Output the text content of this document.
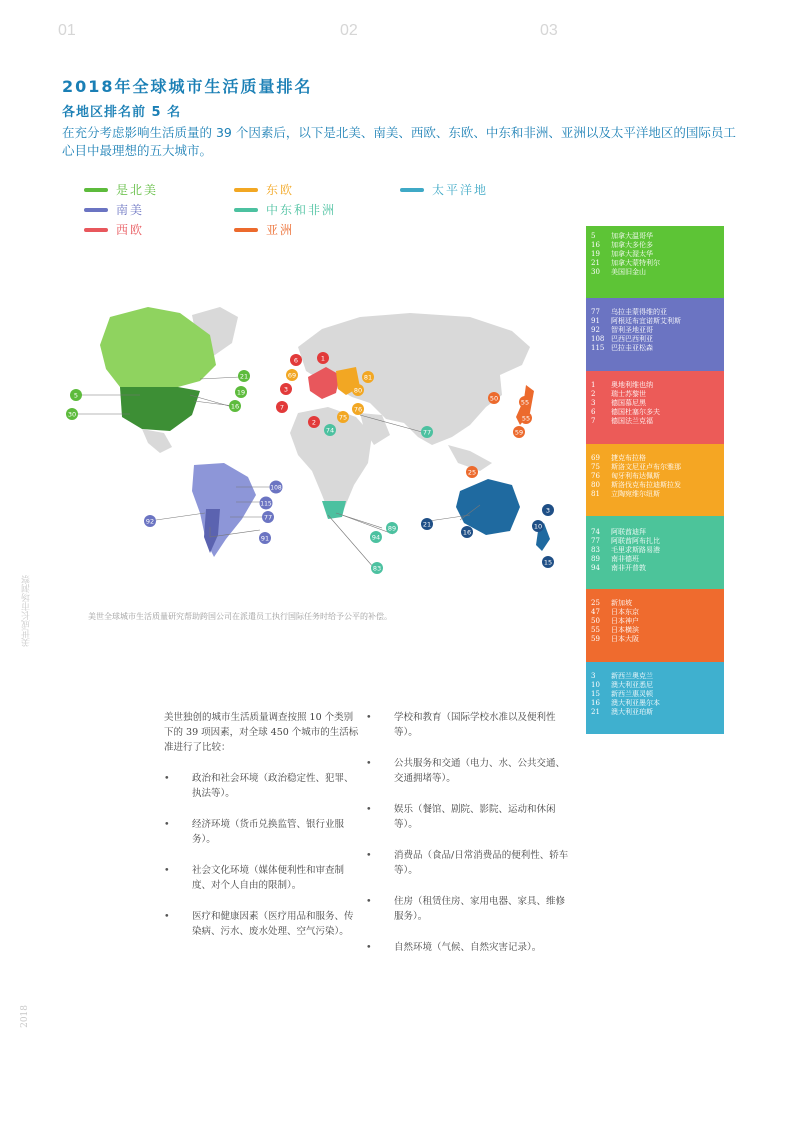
01	02	03
2018年全球城市生活质量排名
各地区排名前 5 名
在充分考虑影响生活质量的 39 个因素后，以下是北美、南美、西欧、东欧、中东和非洲、亚洲以及太平洋地区的国际员工心目中最理想的五大城市。
是北美
南美
西欧
东欧
中东和非洲
亚洲
太平洋地
美世成长市场洞察
2018
5
21
19
16
30
108
115
77
92
91
6	1
3
7
2
69	81
80
76
75
74	77
89
94
83
50	55
55
59
25
3
10
15
16
21
5	加拿大温哥华
16	加拿大多伦多
19	加拿大渥太华
21	加拿大蒙特利尔
30	美国旧金山
77	乌拉圭蒙得维的亚
91	阿根廷布宜诺斯艾利斯
92	智利圣地亚哥
108 巴西巴西利亚
115 巴拉圭亚松森
1	奥地利维也纳
2	瑞士苏黎世
3	德国慕尼黑
6	德国杜塞尔多夫
7	德国法兰克福
69	捷克布拉格
75	斯洛文尼亚卢布尔雅那
76	匈牙利布达佩斯
80	斯洛伐克布拉迪斯拉发
81	立陶宛维尔纽斯
74	阿联酋迪拜
77	阿联酋阿布扎比
83	毛里求斯路易港
89	南非德班
94	南非开普敦
25	新加坡
47	日本东京
50	日本神户
55	日本横滨
59	日本大阪
3	新西兰奥克兰
10	澳大利亚悉尼
15	新西兰惠灵顿
16	澳大利亚墨尔本
21	澳大利亚珀斯
美世全球城市生活质量研究帮助跨国公司在派遣员工执行国际任务时给予公平的补偿。
美世独创的城市生活质量调查按照 10 个类别下的 39 项因素，对全球 450 个城市的生活标准进行了比较：
• 政治和社会环境（政治稳定性、犯罪、执法等）。
• 经济环境（货币兑换监管、银行业服务）。
• 社会文化环境（媒体便利性和审查制度、对个人自由的限制）。
• 医疗和健康因素（医疗用品和服务、传染病、污水、废水处理、空气污染）。
• 学校和教育（国际学校水准以及便利性等）。
• 公共服务和交通（电力、水、公共交通、交通拥堵等）。
• 娱乐（餐馆、剧院、影院、运动和休闲等）。
• 消费品（食品/日常消费品的便利性、轿车等）。
• 住房（租赁住房、家用电器、家具、维修服务）。
• 自然环境（气候、自然灾害记录）。
